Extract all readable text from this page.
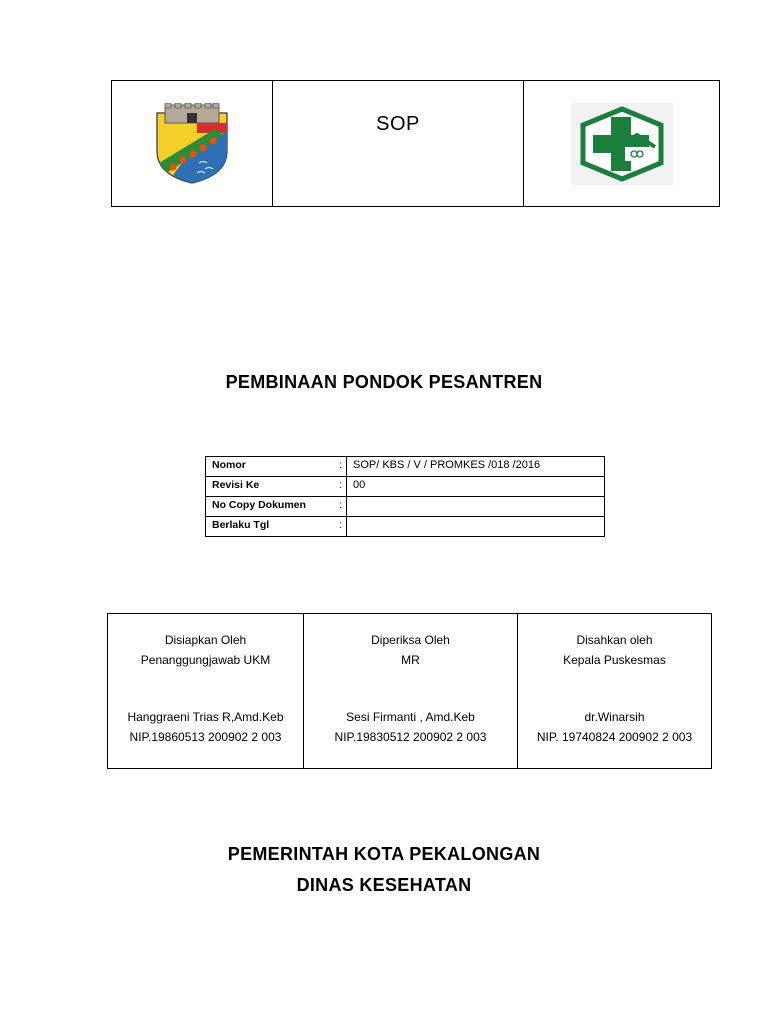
SOP
PEMBINAAN PONDOK PESANTREN
Nomor :	SOP/ KBS / V / PROMKES /018 /2016
Revisi Ke :	00
No Copy Dokumen :	

Berlaku Tgl :	

Disiapkan Oleh
Penanggungjawab UKM
Hanggraeni Trias R,Amd.Keb
NIP.19860513 200902 2 003
Diperiksa Oleh
MR
Sesi Firmanti , Amd.Keb
NIP.19830512 200902 2 003
Disahkan oleh
Kepala Puskesmas
dr.Winarsih
NIP. 19740824 200902 2 003
PEMERINTAH KOTA PEKALONGAN
DINAS KESEHATAN
